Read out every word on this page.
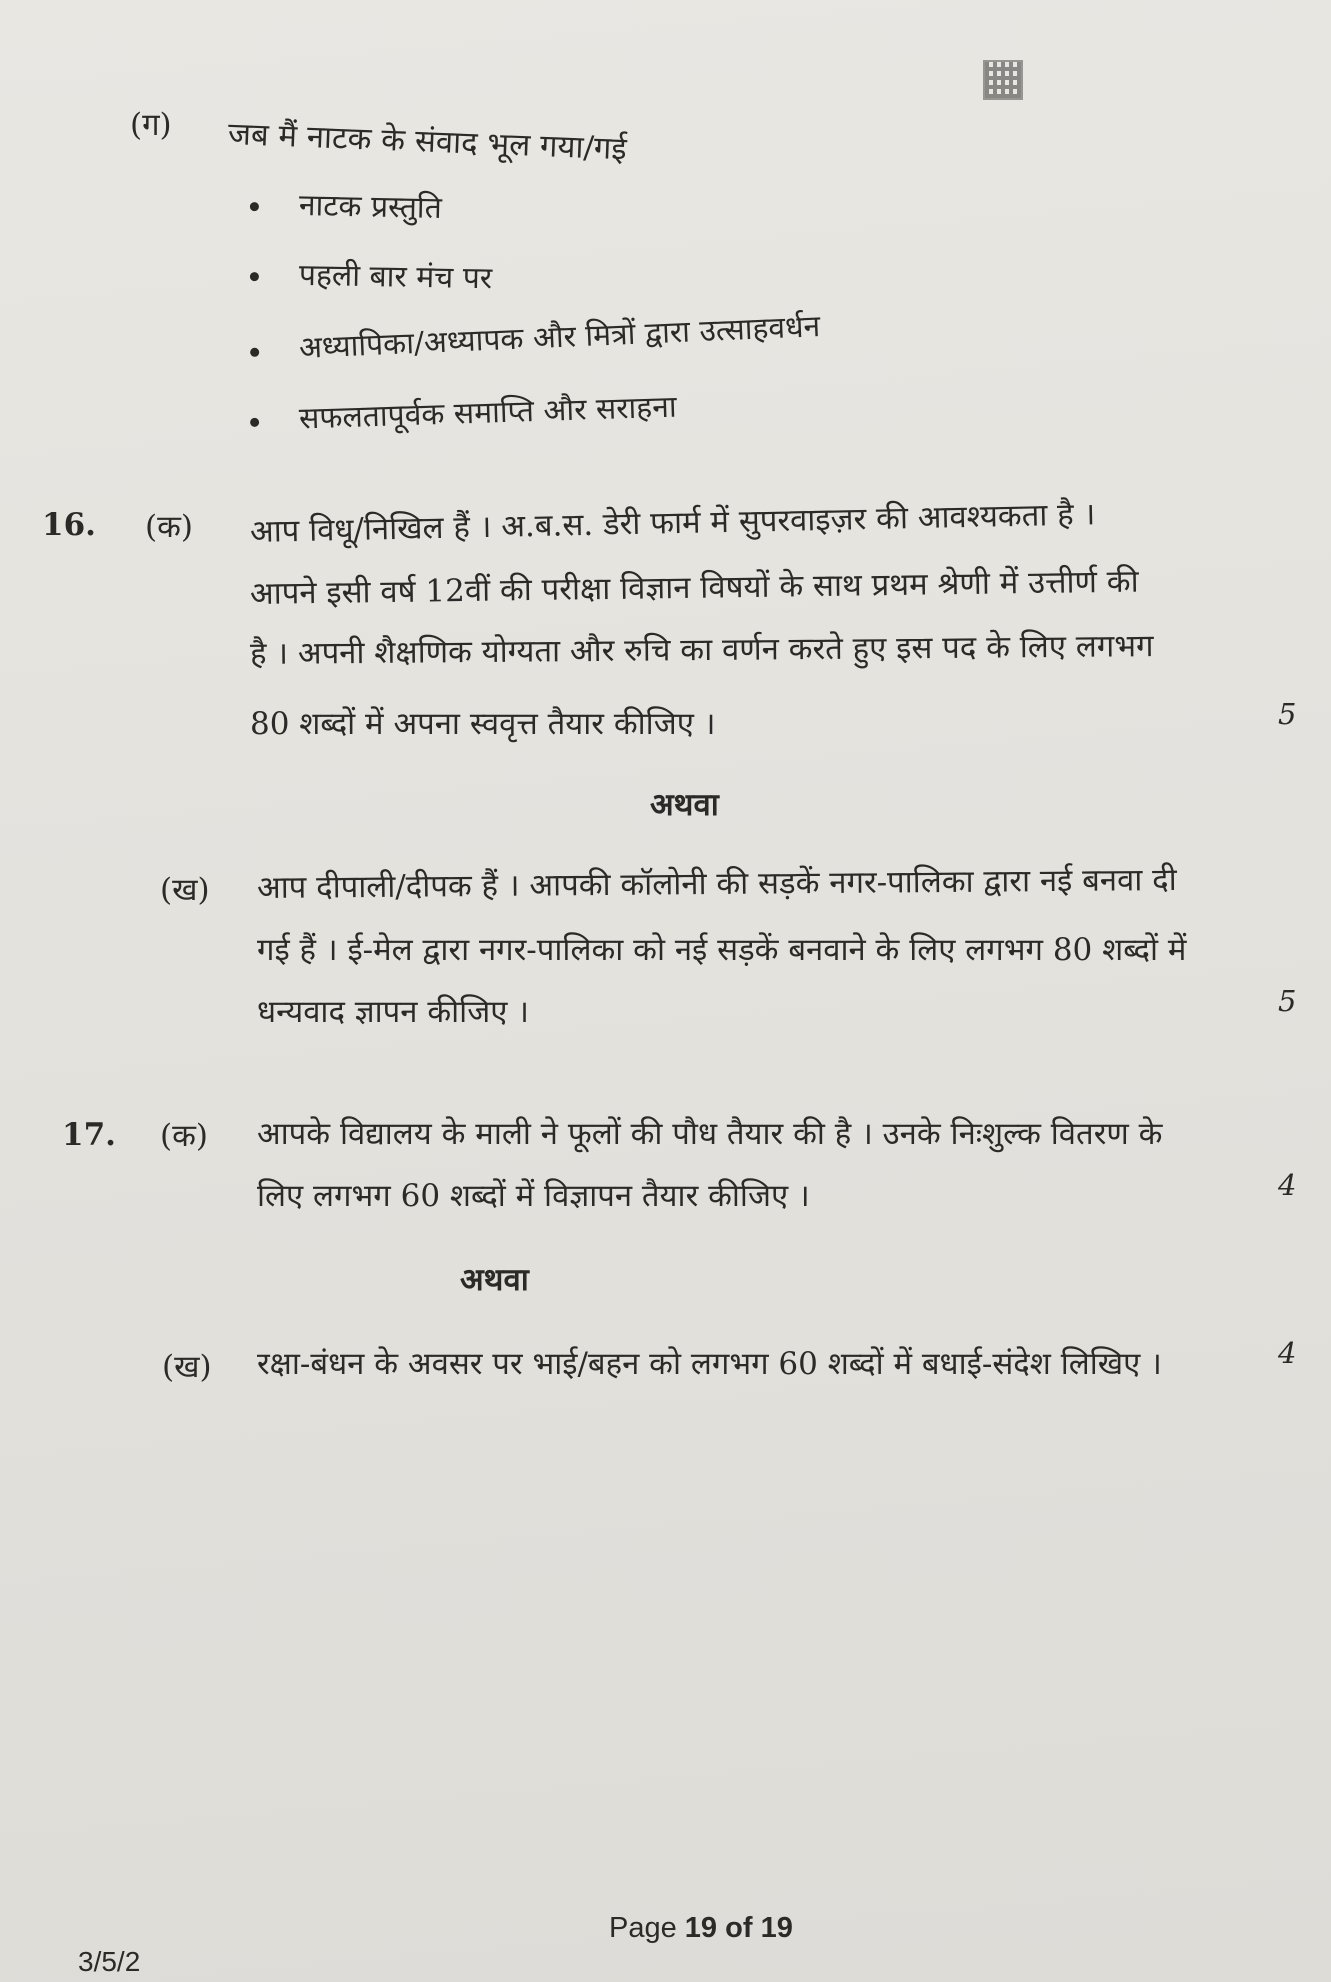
(ग) जब मैं नाटक के संवाद भूल गया/गई
नाटक प्रस्तुति
पहली बार मंच पर
अध्यापिका/अध्यापक और मित्रों द्वारा उत्साहवर्धन
सफलतापूर्वक समाप्ति और सराहना
16. (क) आप विधू/निखिल हैं । अ.ब.स. डेरी फार्म में सुपरवाइज़र की आवश्यकता है ।
आपने इसी वर्ष 12वीं की परीक्षा विज्ञान विषयों के साथ प्रथम श्रेणी में उत्तीर्ण की
है । अपनी शैक्षणिक योग्यता और रुचि का वर्णन करते हुए इस पद के लिए लगभग
80 शब्दों में अपना स्ववृत्त तैयार कीजिए ।	5
अथवा
(ख) आप दीपाली/दीपक हैं । आपकी कॉलोनी की सड़कें नगर-पालिका द्वारा नई बनवा दी
गई हैं । ई-मेल द्वारा नगर-पालिका को नई सड़कें बनवाने के लिए लगभग 80 शब्दों में
धन्यवाद ज्ञापन कीजिए ।	5
17. (क) आपके विद्यालय के माली ने फूलों की पौध तैयार की है । उनके निःशुल्क वितरण के
लिए लगभग 60 शब्दों में विज्ञापन तैयार कीजिए ।	4
अथवा
(ख) रक्षा-बंधन के अवसर पर भाई/बहन को लगभग 60 शब्दों में बधाई-संदेश लिखिए ।	4
3/5/2
Page 19 of 19
